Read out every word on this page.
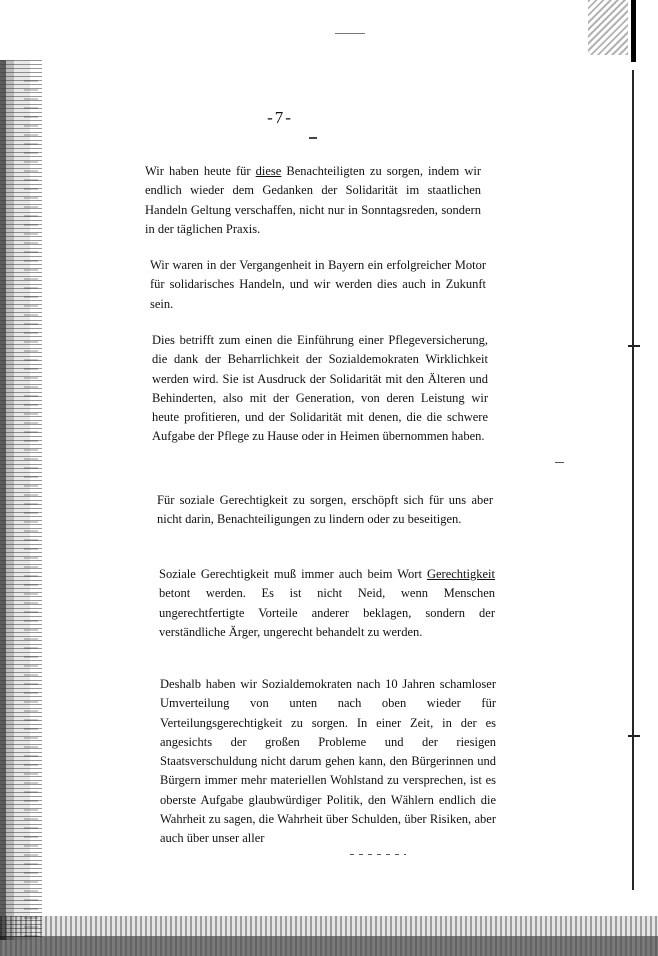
-7-

Wir haben heute für diese Benachteiligten zu sorgen, indem wir endlich wieder dem Gedanken der Solidarität im staatlichen Handeln Geltung verschaffen, nicht nur in Sonntagsreden, sondern in der täglichen Praxis.

Wir waren in der Vergangenheit in Bayern ein erfolgreicher Motor für solidarisches Handeln, und wir werden dies auch in Zukunft sein.

Dies betrifft zum einen die Einführung einer Pflegeversicherung, die dank der Beharrlichkeit der Sozialdemokraten Wirklichkeit werden wird. Sie ist Ausdruck der Solidarität mit den Älteren und Behinderten, also mit der Generation, von deren Leistung wir heute profitieren, und der Solidarität mit denen, die die schwere Aufgabe der Pflege zu Hause oder in Heimen übernommen haben.

Für soziale Gerechtigkeit zu sorgen, erschöpft sich für uns aber nicht darin, Benachteiligungen zu lindern oder zu beseitigen.

Soziale Gerechtigkeit muß immer auch beim Wort Gerechtigkeit betont werden. Es ist nicht Neid, wenn Menschen ungerechtfertigte Vorteile anderer beklagen, sondern der verständliche Ärger, ungerecht behandelt zu werden.

Deshalb haben wir Sozialdemokraten nach 10 Jahren schamloser Umverteilung von unten nach oben wieder für Verteilungsgerechtigkeit zu sorgen. In einer Zeit, in der es angesichts der großen Probleme und der riesigen Staatsverschuldung nicht darum gehen kann, den Bürgerinnen und Bürgern immer mehr materiellen Wohlstand zu versprechen, ist es oberste Aufgabe glaubwürdiger Politik, den Wählern endlich die Wahrheit zu sagen, die Wahrheit über Schulden, über Risiken, aber auch über unser aller
